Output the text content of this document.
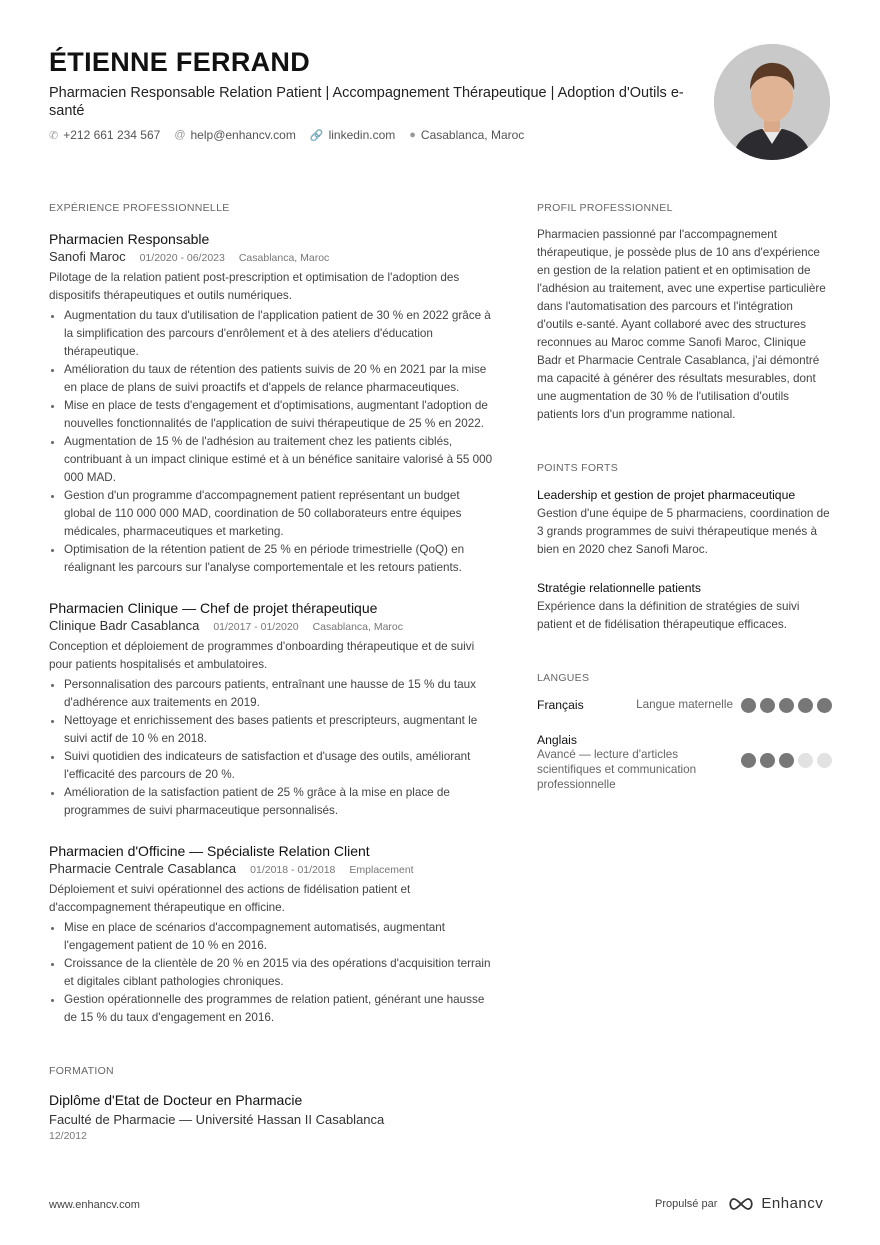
ÉTIENNE FERRAND
Pharmacien Responsable Relation Patient | Accompagnement Thérapeutique | Adoption d'Outils e-santé
✆ +212 661 234 567 @ help@enhancv.com 🔗 linkedin.com ● Casablanca, Maroc
EXPÉRIENCE PROFESSIONNELLE
Pharmacien Responsable
Sanofi Maroc 01/2020 - 06/2023 Casablanca, Maroc
Pilotage de la relation patient post-prescription et optimisation de l'adoption des dispositifs thérapeutiques et outils numériques.
• Augmentation du taux d'utilisation de l'application patient de 30 % en 2022 grâce à la simplification des parcours d'enrôlement et à des ateliers d'éducation thérapeutique.
• Amélioration du taux de rétention des patients suivis de 20 % en 2021 par la mise en place de plans de suivi proactifs et d'appels de relance pharmaceutiques.
• Mise en place de tests d'engagement et d'optimisations, augmentant l'adoption de nouvelles fonctionnalités de l'application de suivi thérapeutique de 25 % en 2022.
• Augmentation de 15 % de l'adhésion au traitement chez les patients ciblés, contribuant à un impact clinique estimé et à un bénéfice sanitaire valorisé à 55 000 000 MAD.
• Gestion d'un programme d'accompagnement patient représentant un budget global de 110 000 000 MAD, coordination de 50 collaborateurs entre équipes médicales, pharmaceutiques et marketing.
• Optimisation de la rétention patient de 25 % en période trimestrielle (QoQ) en réalignant les parcours sur l'analyse comportementale et les retours patients.
Pharmacien Clinique — Chef de projet thérapeutique
Clinique Badr Casablanca 01/2017 - 01/2020 Casablanca, Maroc
Conception et déploiement de programmes d'onboarding thérapeutique et de suivi pour patients hospitalisés et ambulatoires.
• Personnalisation des parcours patients, entraînant une hausse de 15 % du taux d'adhérence aux traitements en 2019.
• Nettoyage et enrichissement des bases patients et prescripteurs, augmentant le suivi actif de 10 % en 2018.
• Suivi quotidien des indicateurs de satisfaction et d'usage des outils, améliorant l'efficacité des parcours de 20 %.
• Amélioration de la satisfaction patient de 25 % grâce à la mise en place de programmes de suivi pharmaceutique personnalisés.
Pharmacien d'Officine — Spécialiste Relation Client
Pharmacie Centrale Casablanca 01/2018 - 01/2018 Emplacement
Déploiement et suivi opérationnel des actions de fidélisation patient et d'accompagnement thérapeutique en officine.
• Mise en place de scénarios d'accompagnement automatisés, augmentant l'engagement patient de 10 % en 2016.
• Croissance de la clientèle de 20 % en 2015 via des opérations d'acquisition terrain et digitales ciblant pathologies chroniques.
• Gestion opérationnelle des programmes de relation patient, générant une hausse de 15 % du taux d'engagement en 2016.
FORMATION
Diplôme d'Etat de Docteur en Pharmacie
Faculté de Pharmacie — Université Hassan II Casablanca
12/2012
PROFIL PROFESSIONNEL
Pharmacien passionné par l'accompagnement thérapeutique, je possède plus de 10 ans d'expérience en gestion de la relation patient et en optimisation de l'adhésion au traitement, avec une expertise particulière dans l'automatisation des parcours et l'intégration d'outils e-santé. Ayant collaboré avec des structures reconnues au Maroc comme Sanofi Maroc, Clinique Badr et Pharmacie Centrale Casablanca, j'ai démontré ma capacité à générer des résultats mesurables, dont une augmentation de 30 % de l'utilisation d'outils patients lors d'un programme national.
POINTS FORTS
Leadership et gestion de projet pharmaceutique
Gestion d'une équipe de 5 pharmaciens, coordination de 3 grands programmes de suivi thérapeutique menés à bien en 2020 chez Sanofi Maroc.
Stratégie relationnelle patients
Expérience dans la définition de stratégies de suivi patient et de fidélisation thérapeutique efficaces.
LANGUES
Français	Langue maternelle
Anglais
Avancé — lecture d'articles scientifiques et communication professionnelle
www.enhancv.com	Propulsé par	Enhancv
